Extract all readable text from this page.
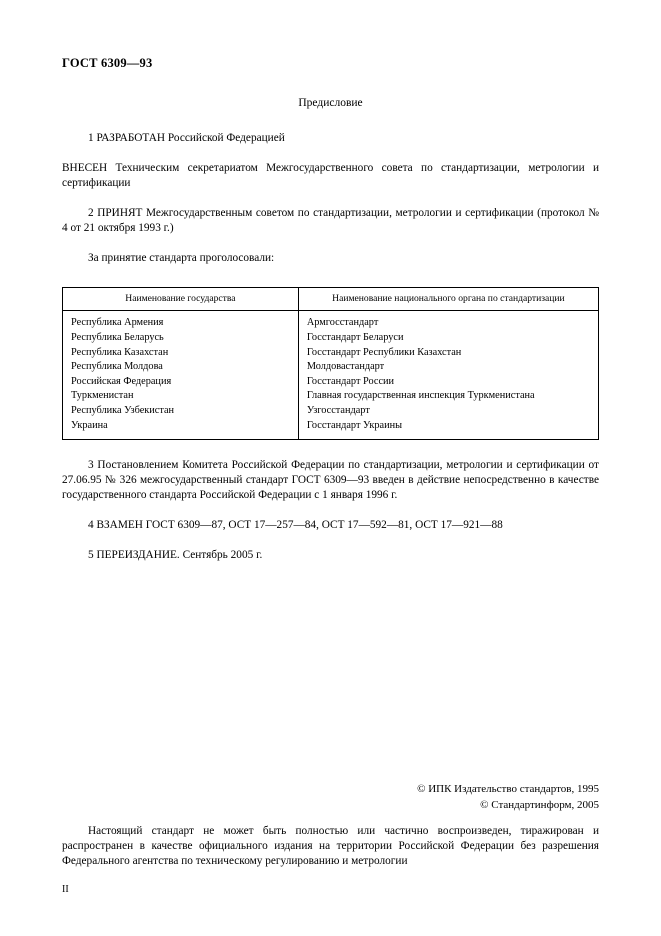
ГОСТ 6309—93
Предисловие

1 РАЗРАБОТАН Российской Федерацией

ВНЕСЕН Техническим секретариатом Межгосударственного совета по стандартизации, метрологии и сертификации

2 ПРИНЯТ Межгосударственным советом по стандартизации, метрологии и сертификации (протокол № 4 от 21 октября 1993 г.)

За принятие стандарта проголосовали:

Наименование государства	Наименование национального органа по стандартизации
Республика Армения	Армгосстандарт
Республика Беларусь	Госстандарт Беларуси
Республика Казахстан	Госстандарт Республики Казахстан
Республика Молдова	Молдовастандарт
Российская Федерация	Госстандарт России
Туркменистан	Главная государственная инспекция Туркменистана
Республика Узбекистан	Узгосстандарт
Украина	Госстандарт Украины

3 Постановлением Комитета Российской Федерации по стандартизации, метрологии и сертификации от 27.06.95 № 326 межгосударственный стандарт ГОСТ 6309—93 введен в действие непосредственно в качестве государственного стандарта Российской Федерации с 1 января 1996 г.

4 ВЗАМЕН ГОСТ 6309—87, ОСТ 17—257—84, ОСТ 17—592—81, ОСТ 17—921—88

5 ПЕРЕИЗДАНИЕ. Сентябрь 2005 г.

© ИПК Издательство стандартов, 1995
© Стандартинформ, 2005
Настоящий стандарт не может быть полностью или частично воспроизведен, тиражирован и распространен в качестве официального издания на территории Российской Федерации без разрешения Федерального агентства по техническому регулированию и метрологии
II
